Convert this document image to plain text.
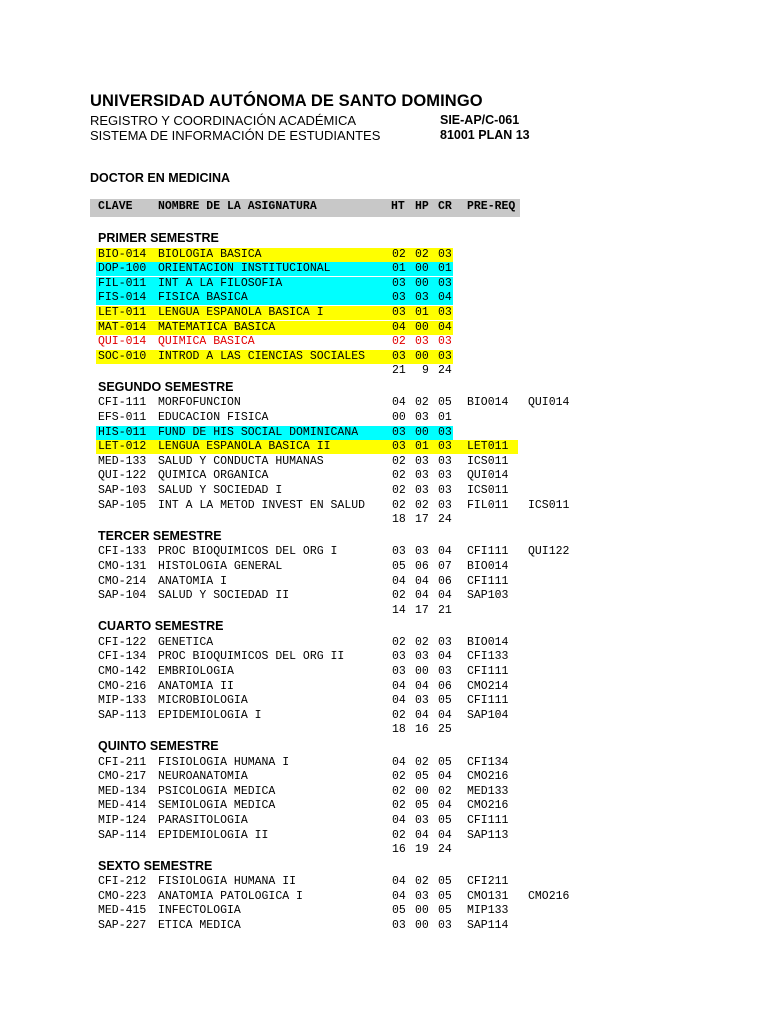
UNIVERSIDAD AUTÓNOMA DE SANTO DOMINGO
REGISTRO Y COORDINACIÓN ACADÉMICA
SISTEMA DE INFORMACIÓN DE ESTUDIANTES
SIE-AP/C-061
81001 PLAN 13
DOCTOR EN MEDICINA
CLAVE NOMBRE DE LA ASIGNATURA	HT HP CR PRE-REQ
PRIMER SEMESTRE
BIO-014 BIOLOGIA BASICA	02 02 03
DOP-100 ORIENTACION INSTITUCIONAL	01 00 01
FIL-011 INT A LA FILOSOFIA	03 00 03
FIS-014 FISICA BASICA	03 03 04
LET-011 LENGUA ESPANOLA BASICA I	03 01 03
MAT-014 MATEMATICA BASICA	04 00 04
QUI-014 QUIMICA BASICA	02 03 03
SOC-010 INTROD A LAS CIENCIAS SOCIALES 03 00 03
21 9 24
SEGUNDO SEMESTRE
CFI-111 MORFOFUNCION	04 02 05 BIO014 QUI014
EFS-011 EDUCACION FISICA	00 03 01
HIS-011 FUND DE HIS SOCIAL DOMINICANA	03 00 03
LET-012 LENGUA ESPANOLA BASICA II	03 01 03 LET011
MED-133 SALUD Y CONDUCTA HUMANAS	02 03 03 ICS011
QUI-122 QUIMICA ORGANICA	02 03 03 QUI014
SAP-103 SALUD Y SOCIEDAD I	02 03 03 ICS011
SAP-105 INT A LA METOD INVEST EN SALUD 02 02 03 FIL011 ICS011
18 17 24
TERCER SEMESTRE
CFI-133 PROC BIOQUIMICOS DEL ORG I	03 03 04 CFI111 QUI122
CMO-131 HISTOLOGIA GENERAL	05 06 07 BIO014
CMO-214 ANATOMIA I	04 04 06 CFI111
SAP-104 SALUD Y SOCIEDAD II	02 04 04 SAP103
14 17 21
CUARTO SEMESTRE
CFI-122 GENETICA	02 02 03 BIO014
CFI-134 PROC BIOQUIMICOS DEL ORG II	03 03 04 CFI133
CMO-142 EMBRIOLOGIA	03 00 03 CFI111
CMO-216 ANATOMIA II	04 04 06 CMO214
MIP-133 MICROBIOLOGIA	04 03 05 CFI111
SAP-113 EPIDEMIOLOGIA I	02 04 04 SAP104
18 16 25
QUINTO SEMESTRE
CFI-211 FISIOLOGIA HUMANA I	04 02 05 CFI134
CMO-217 NEUROANATOMIA	02 05 04 CMO216
MED-134 PSICOLOGIA MEDICA	02 00 02 MED133
MED-414 SEMIOLOGIA MEDICA	02 05 04 CMO216
MIP-124 PARASITOLOGIA	04 03 05 CFI111
SAP-114 EPIDEMIOLOGIA II	02 04 04 SAP113
16 19 24
SEXTO SEMESTRE
CFI-212 FISIOLOGIA HUMANA II	04 02 05 CFI211
CMO-223 ANATOMIA PATOLOGICA I	04 03 05 CMO131 CMO216
MED-415 INFECTOLOGIA	05 00 05 MIP133
SAP-227 ETICA MEDICA	03 00 03 SAP114
